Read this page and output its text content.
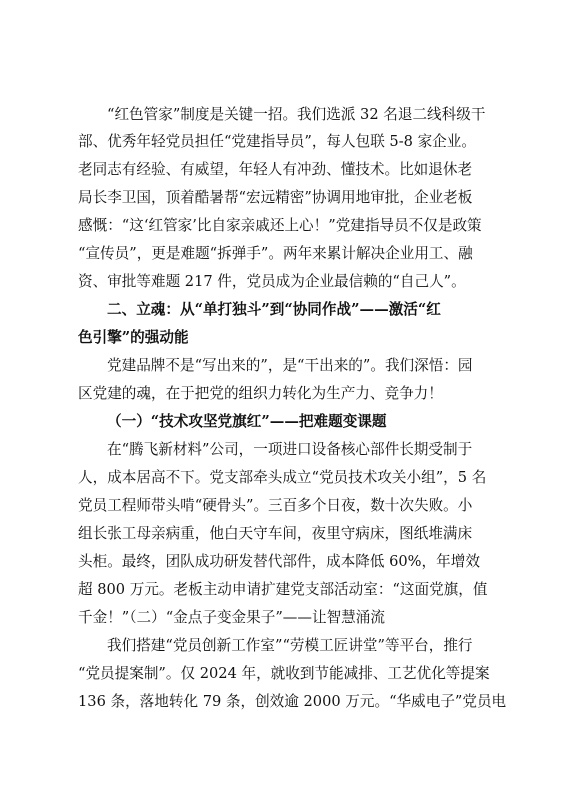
“红色管家”制度是关键一招。我们选派 32 名退二线科级干
部、优秀年轻党员担任“党建指导员”，每人包联 5-8 家企业。
老同志有经验、有威望，年轻人有冲劲、懂技术。比如退休老
局长李卫国，顶着酷暑帮“宏远精密”协调用地审批，企业老板
感慨：“这‘红管家’比自家亲戚还上心！”党建指导员不仅是政策
“宣传员”，更是难题“拆弹手”。两年来累计解决企业用工、融
资、审批等难题 217 件，党员成为企业最信赖的“自己人”。
二、立魂：从“单打独斗”到“协同作战”——激活“红
色引擎”的强动能
党建品牌不是“写出来的”，是“干出来的”。我们深悟：园
区党建的魂，在于把党的组织力转化为生产力、竞争力！
（一）“技术攻坚党旗红”——把难题变课题
在“腾飞新材料”公司，一项进口设备核心部件长期受制于
人，成本居高不下。党支部牵头成立“党员技术攻关小组”，5 名
党员工程师带头啃“硬骨头”。三百多个日夜，数十次失败。小
组长张工母亲病重，他白天守车间，夜里守病床，图纸堆满床
头柜。最终，团队成功研发替代部件，成本降低 60%，年增效
超 800 万元。老板主动申请扩建党支部活动室：“这面党旗，值
千金！”（二）“金点子变金果子”——让智慧涌流
我们搭建“党员创新工作室”“劳模工匠讲堂”等平台，推行
“党员提案制”。仅 2024 年，就收到节能减排、工艺优化等提案
136 条，落地转化 79 条，创效逾 2000 万元。“华威电子”党员电
